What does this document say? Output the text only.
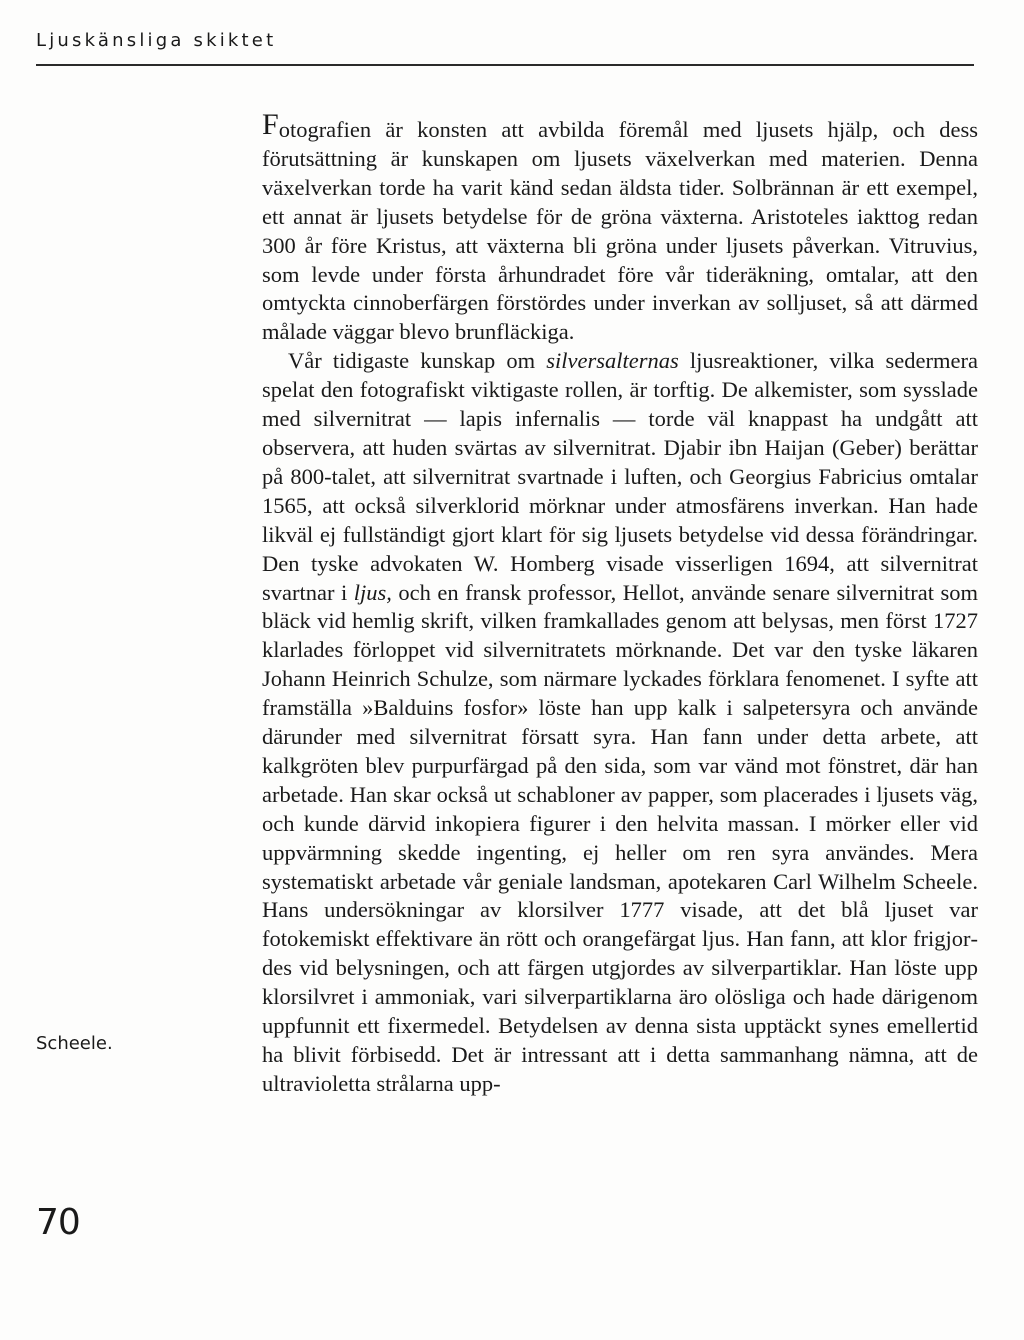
Ljuskänsliga skiktet

Fotografien är konsten att avbilda föremål med ljusets hjälp, och dess förutsättning är kunskapen om ljusets växelverkan med materien. Denna växelverkan torde ha varit känd sedan äldsta tider. Solbrännan är ett exempel, ett annat är ljusets betydelse för de gröna växterna. Aristoteles iakttog redan 300 år före Kristus, att växterna bli gröna under ljusets påverkan. Vitruvius, som levde under första århundradet före vår tideräkning, omtalar, att den omtyckta cinnoberfärgen förstördes under inverkan av solljuset, så att därmed målade väggar blevo brunfläckiga.

Vår tidigaste kunskap om silversalternas ljusreaktioner, vilka sedermera spelat den fotografiskt viktigaste rollen, är torftig. De alkemister, som sysslade med silvernitrat — lapis infernalis — torde väl knappast ha undgått att observera, att huden svärtas av silvernitrat. Djabir ibn Haijan (Geber) berättar på 800-talet, att silvernitrat svartnade i luften, och Georgius Fabricius omtalar 1565, att också silverklorid mörknar under atmosfärens inverkan. Han hade likväl ej fullständigt gjort klart för sig ljusets betydelse vid dessa förändringar. Den tyske advokaten W. Homberg visade visserligen 1694, att silvernitrat svartnar i ljus, och en fransk professor, Hellot, använde senare silvernitrat som bläck vid hemlig skrift, vilken framkallades genom att belysas, men först 1727 klarlades förloppet vid silvernitratets mörknande. Det var den tyske läkaren Johann Heinrich Schulze, som närmare lyckades förklara fenomenet. I syfte att framställa »Balduins fosfor» löste han upp kalk i salpetersyra och använde därunder med silvernitrat försatt syra. Han fann under detta arbete, att kalkgröten blev purpurfärgad på den sida, som var vänd mot fönstret, där han arbetade. Han skar också ut schabloner av papper, som placerades i ljusets väg, och kunde därvid inkopiera figurer i den helvita massan. I mörker eller vid uppvärmning skedde ingenting, ej heller om ren syra användes. Mera systematiskt arbetade vår geniale landsman, apotekaren Carl Wilhelm Scheele. Hans undersökningar av klorsilver 1777 visade, att det blå ljuset var fotokemiskt effektivare än rött och orangefärgat ljus. Han fann, att klor frigjordes vid belysningen, och att färgen utgjordes av silverpartiklar. Han löste upp klorsilvret i ammoniak, vari silverpartiklarna äro olösliga och hade därigenom uppfunnit ett fixermedel. Betydelsen av denna sista upptäckt synes emellertid ha blivit förbisedd. Det är intressant att i detta sammanhang nämna, att de ultravioletta strålarna upp-

Scheele.
70
